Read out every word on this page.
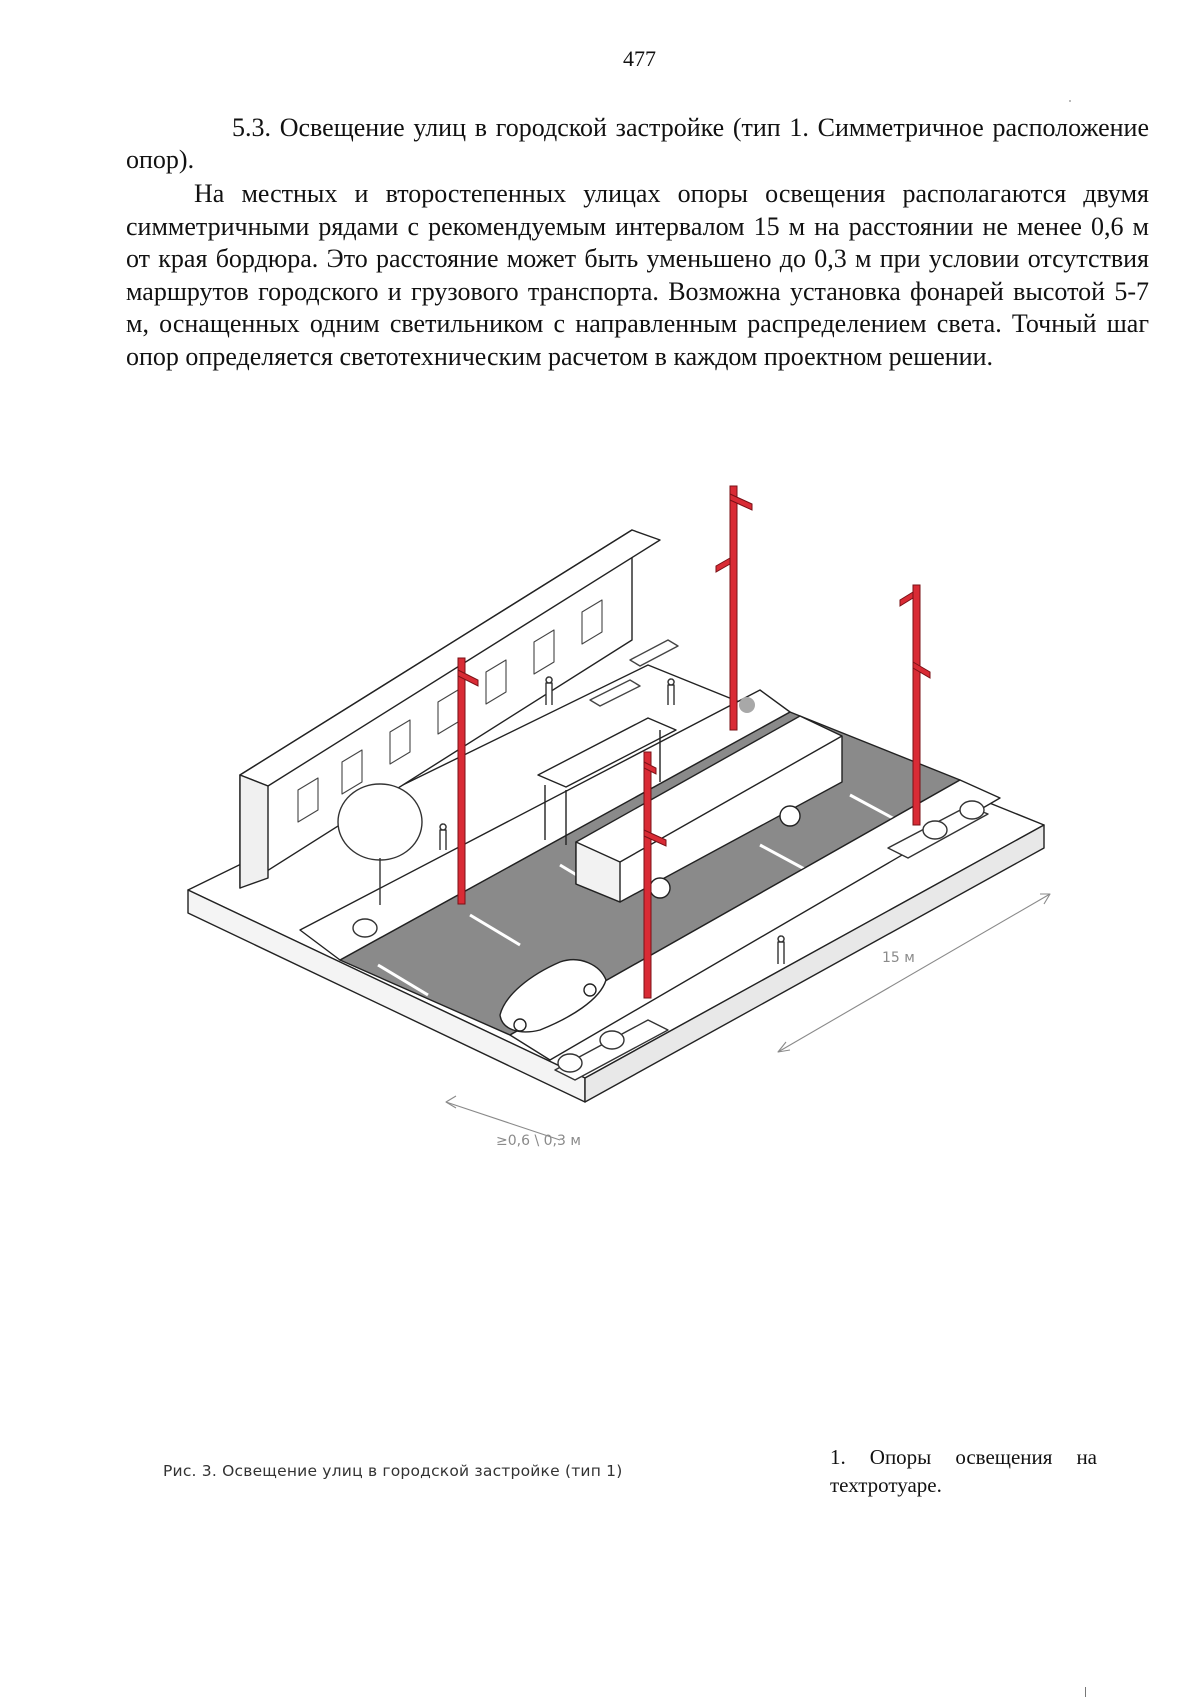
477

5.3. Освещение улиц в городской застройке (тип 1. Симметричное расположение опор).

На местных и второстепенных улицах опоры освещения располагаются двумя симметричными рядами с рекомендуемым интервалом 15 м на расстоянии не менее 0,6 м от края бордюра. Это расстояние может быть уменьшено до 0,3 м при условии отсутствия маршрутов городского и грузового транспорта. Возможна установка фонарей высотой 5-7 м, оснащенных одним светильником с направленным распределением света. Точный шаг опор определяется светотехническим расчетом в каждом проектном решении.

15 м
≥0,6 \ 0,3 м
Рис. 3. Освещение улиц в городской застройке (тип 1)

1. Опоры освещения на техтротуаре.
